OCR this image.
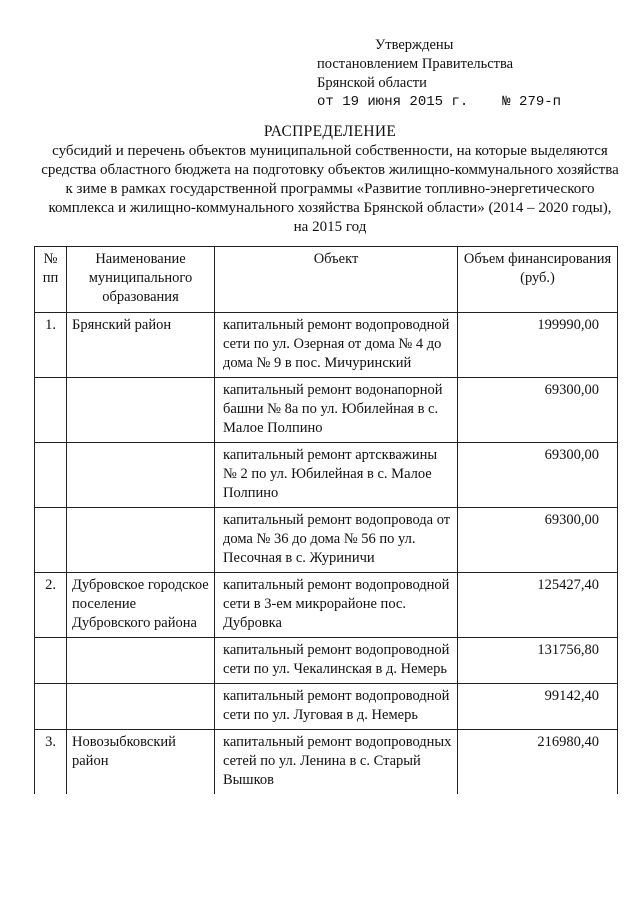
Утверждены
постановлением Правительства
Брянской области
от 19 июня 2015 г. № 279-п
РАСПРЕДЕЛЕНИЕ
субсидий и перечень объектов муниципальной собственности, на которые выделяются средства областного бюджета на подготовку объектов жилищно-коммунального хозяйства к зиме в рамках государственной программы «Развитие топливно-энергетического комплекса и жилищно-коммунального хозяйства Брянской области» (2014 – 2020 годы), на 2015 год
№ пп	Наименование муниципального образования	Объект	Объем финансирования (руб.)
1.	Брянский район	капитальный ремонт водопроводной сети по ул. Озерная от дома № 4 до дома № 9 в пос. Мичуринский	199990,00
		капитальный ремонт водонапорной башни № 8а по ул. Юбилейная в с. Малое Полпино	69300,00
		капитальный ремонт артскважины № 2 по ул. Юбилейная в с. Малое Полпино	69300,00
		капитальный ремонт водопровода от дома № 36 до дома № 56 по ул. Песочная в с. Журиничи	69300,00
2.	Дубровское городское поселение Дубровского района	капитальный ремонт водопроводной сети в 3-ем микрорайоне пос. Дубровка	125427,40
		капитальный ремонт водопроводной сети по ул. Чекалинская в д. Немерь	131756,80
		капитальный ремонт водопроводной сети по ул. Луговая в д. Немерь	99142,40
3.	Новозыбковский район	капитальный ремонт водопроводных сетей по ул. Ленина в с. Старый Вышков	216980,40
